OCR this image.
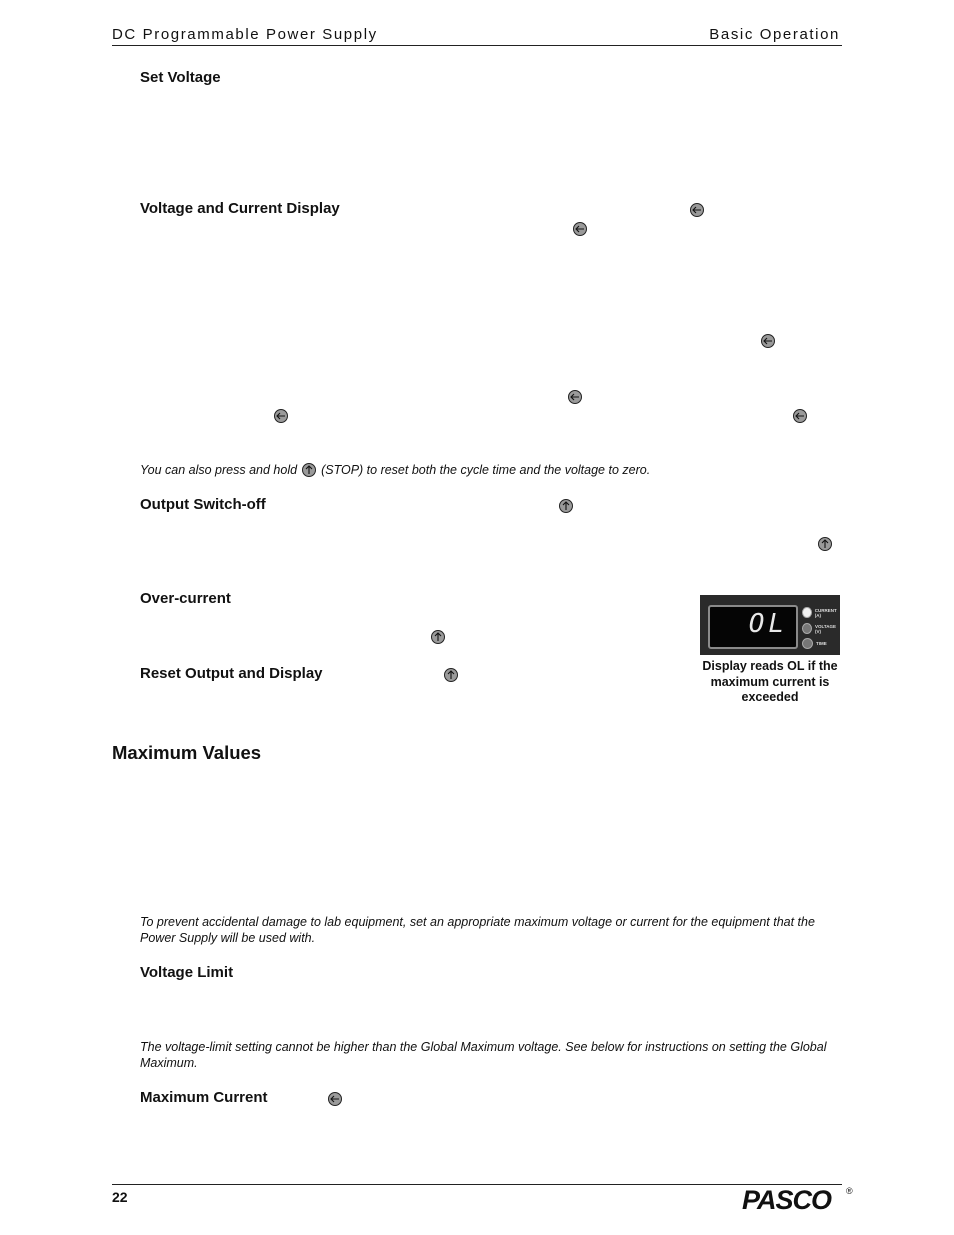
DC Programmable Power Supply	Basic Operation
Set Voltage
Voltage and Current Display
You can also press and hold (STOP) to reset both the cycle time and the voltage to zero.
Output Switch-off
Over-current
Reset Output and Display
OL	CURRENT (A)
VOLTAGE (V)
TIME
Display reads OL if the maximum current is exceeded
Maximum Values
To prevent accidental damage to lab equipment, set an appropriate maximum voltage or current for the equipment that the Power Supply will be used with.
Voltage Limit
The voltage-limit setting cannot be higher than the Global Maximum voltage. See below for instructions on setting the Global Maximum.
Maximum Current
22	PASCO ®
